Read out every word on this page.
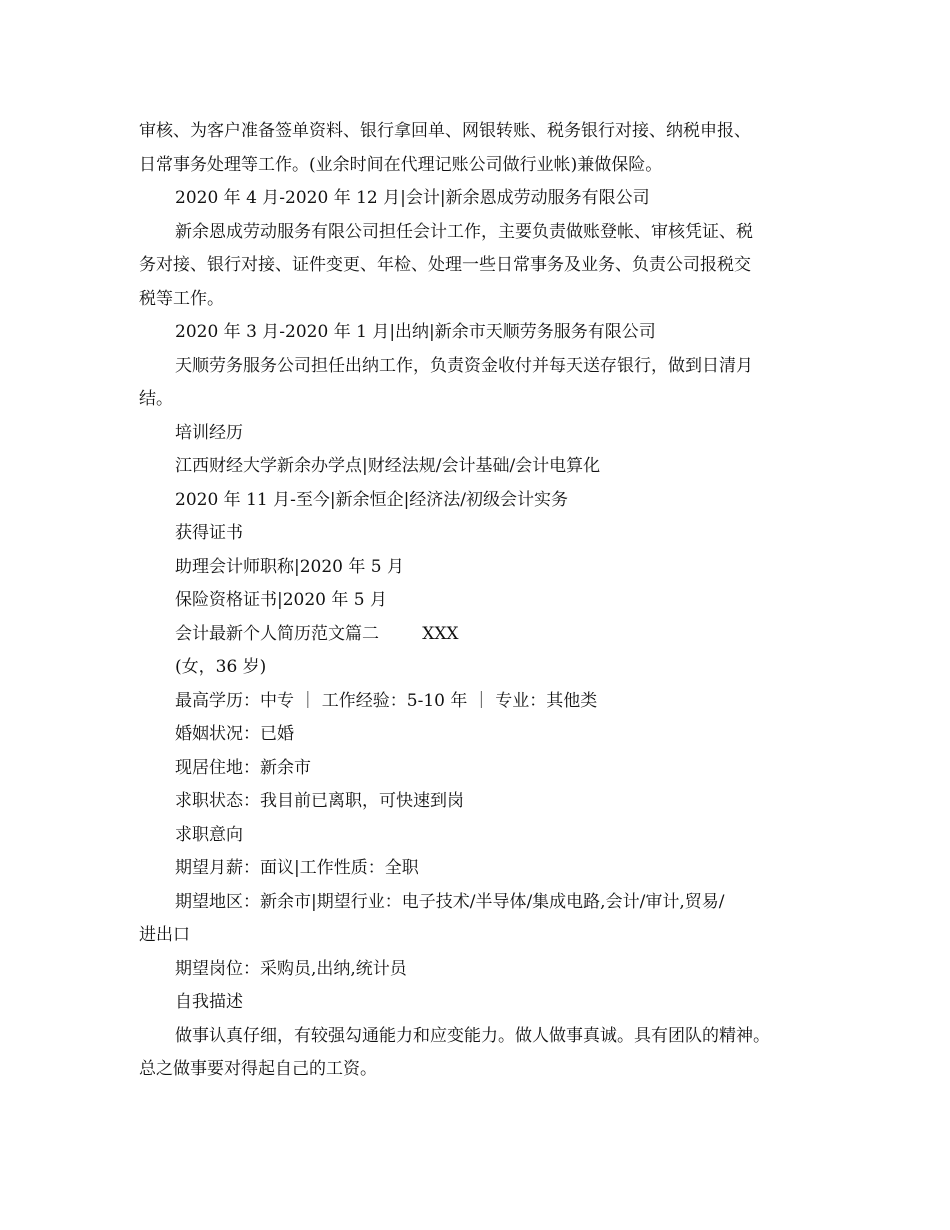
审核、为客户准备签单资料、银行拿回单、网银转账、税务银行对接、纳税申报、

日常事务处理等工作。(业余时间在代理记账公司做行业帐)兼做保险。

2020 年 4 月-2020 年 12 月|会计|新余恩成劳动服务有限公司

新余恩成劳动服务有限公司担任会计工作，主要负责做账登帐、审核凭证、税

务对接、银行对接、证件变更、年检、处理一些日常事务及业务、负责公司报税交

税等工作。

2020 年 3 月-2020 年 1 月|出纳|新余市天顺劳务服务有限公司

天顺劳务服务公司担任出纳工作，负责资金收付并每天送存银行，做到日清月

结。

培训经历

江西财经大学新余办学点|财经法规/会计基础/会计电算化

2020 年 11 月-至今|新余恒企|经济法/初级会计实务

获得证书

助理会计师职称|2020 年 5 月

保险资格证书|2020 年 5 月

会计最新个人简历范文篇二        XXX

(女，36 岁)

最高学历：中专 ｜ 工作经验：5-10 年 ｜ 专业：其他类

婚姻状况：已婚

现居住地：新余市

求职状态：我目前已离职，可快速到岗

求职意向

期望月薪：面议|工作性质：全职

期望地区：新余市|期望行业：电子技术/半导体/集成电路,会计/审计,贸易/

进出口

期望岗位：采购员,出纳,统计员

自我描述

做事认真仔细，有较强勾通能力和应变能力。做人做事真诚。具有团队的精神。

总之做事要对得起自己的工资。
